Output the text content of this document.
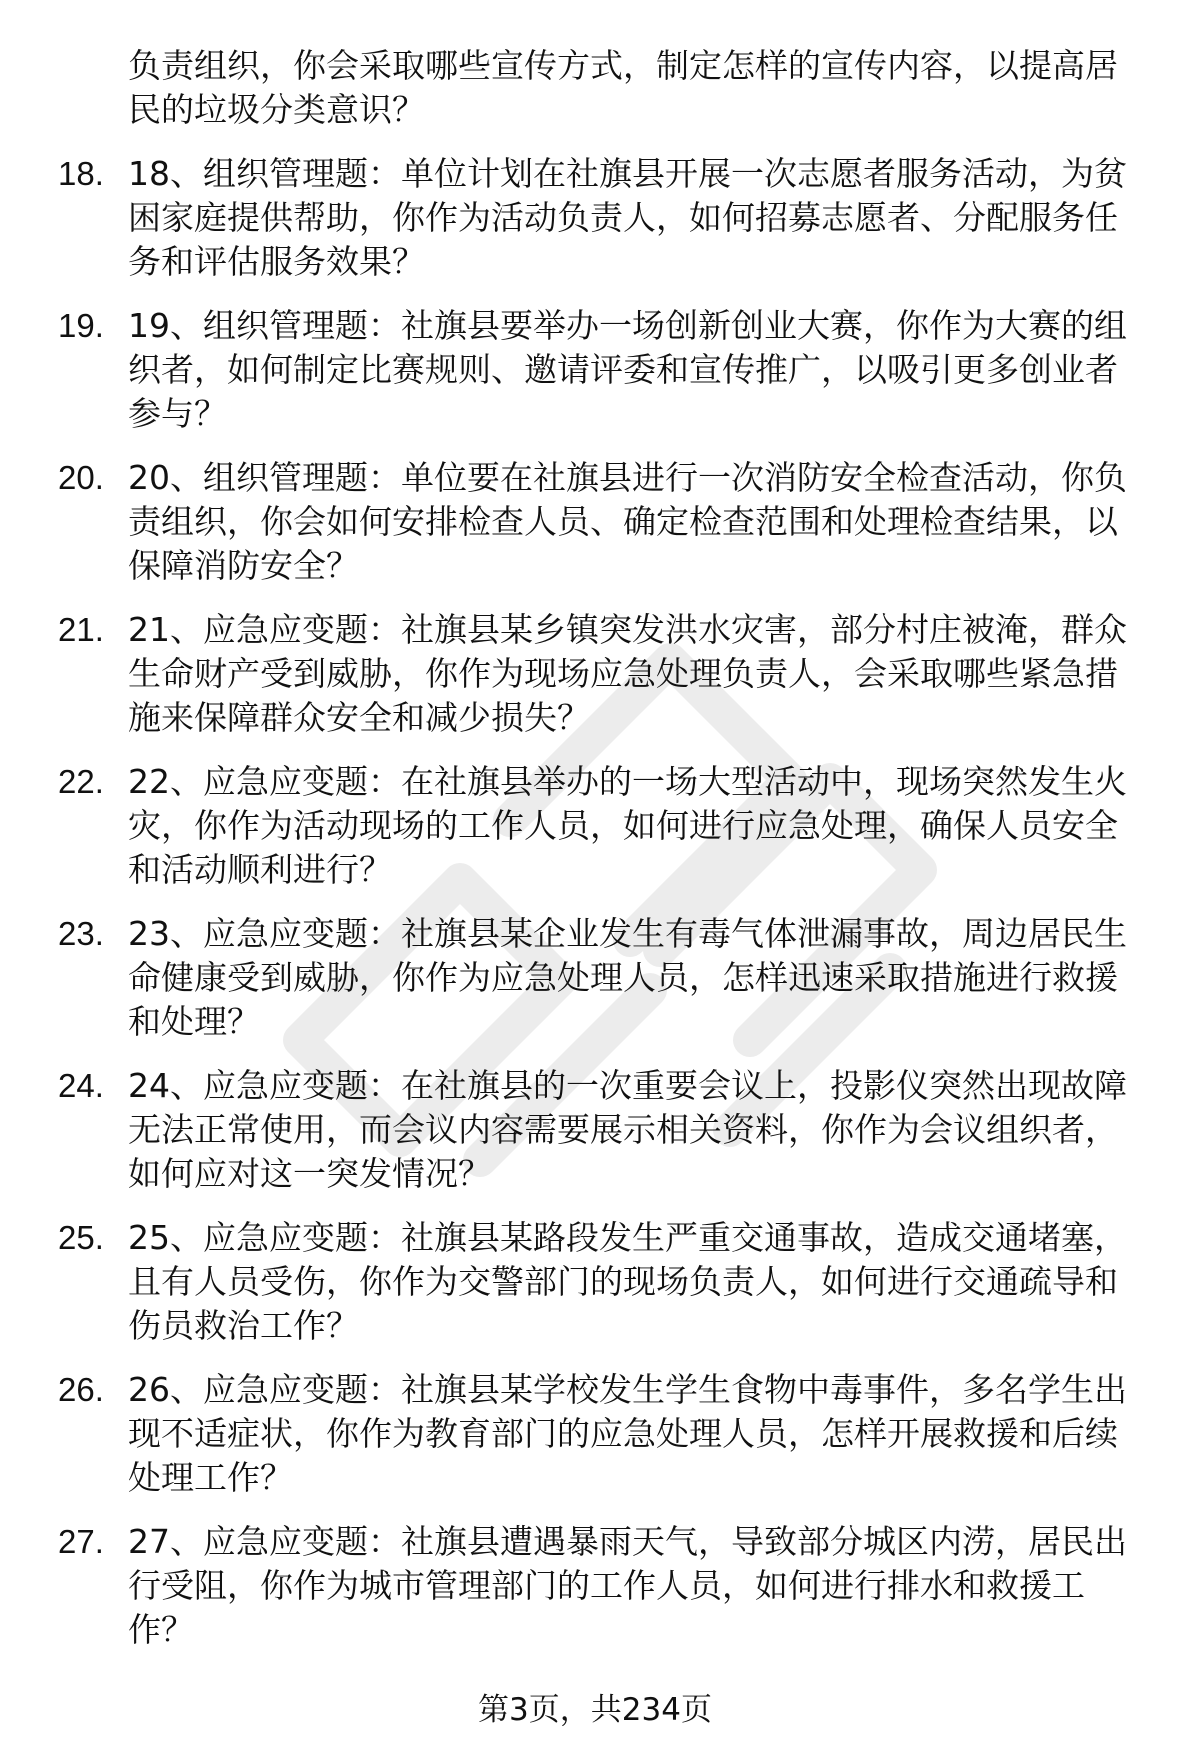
负责组织，你会采取哪些宣传方式，制定怎样的宣传内容，以提高居民的垃圾分类意识？
18. 18、组织管理题：单位计划在社旗县开展一次志愿者服务活动，为贫困家庭提供帮助，你作为活动负责人，如何招募志愿者、分配服务任务和评估服务效果？
19. 19、组织管理题：社旗县要举办一场创新创业大赛，你作为大赛的组织者，如何制定比赛规则、邀请评委和宣传推广，以吸引更多创业者参与？
20. 20、组织管理题：单位要在社旗县进行一次消防安全检查活动，你负责组织，你会如何安排检查人员、确定检查范围和处理检查结果，以保障消防安全？
21. 21、应急应变题：社旗县某乡镇突发洪水灾害，部分村庄被淹，群众生命财产受到威胁，你作为现场应急处理负责人，会采取哪些紧急措施来保障群众安全和减少损失？
22. 22、应急应变题：在社旗县举办的一场大型活动中，现场突然发生火灾，你作为活动现场的工作人员，如何进行应急处理，确保人员安全和活动顺利进行？
23. 23、应急应变题：社旗县某企业发生有毒气体泄漏事故，周边居民生命健康受到威胁，你作为应急处理人员，怎样迅速采取措施进行救援和处理？
24. 24、应急应变题：在社旗县的一次重要会议上，投影仪突然出现故障无法正常使用，而会议内容需要展示相关资料，你作为会议组织者，如何应对这一突发情况？
25. 25、应急应变题：社旗县某路段发生严重交通事故，造成交通堵塞，且有人员受伤，你作为交警部门的现场负责人，如何进行交通疏导和伤员救治工作？
26. 26、应急应变题：社旗县某学校发生学生食物中毒事件，多名学生出现不适症状，你作为教育部门的应急处理人员，怎样开展救援和后续处理工作？
27. 27、应急应变题：社旗县遭遇暴雨天气，导致部分城区内涝，居民出行受阻，你作为城市管理部门的工作人员，如何进行排水和救援工作？
第3页，共234页
